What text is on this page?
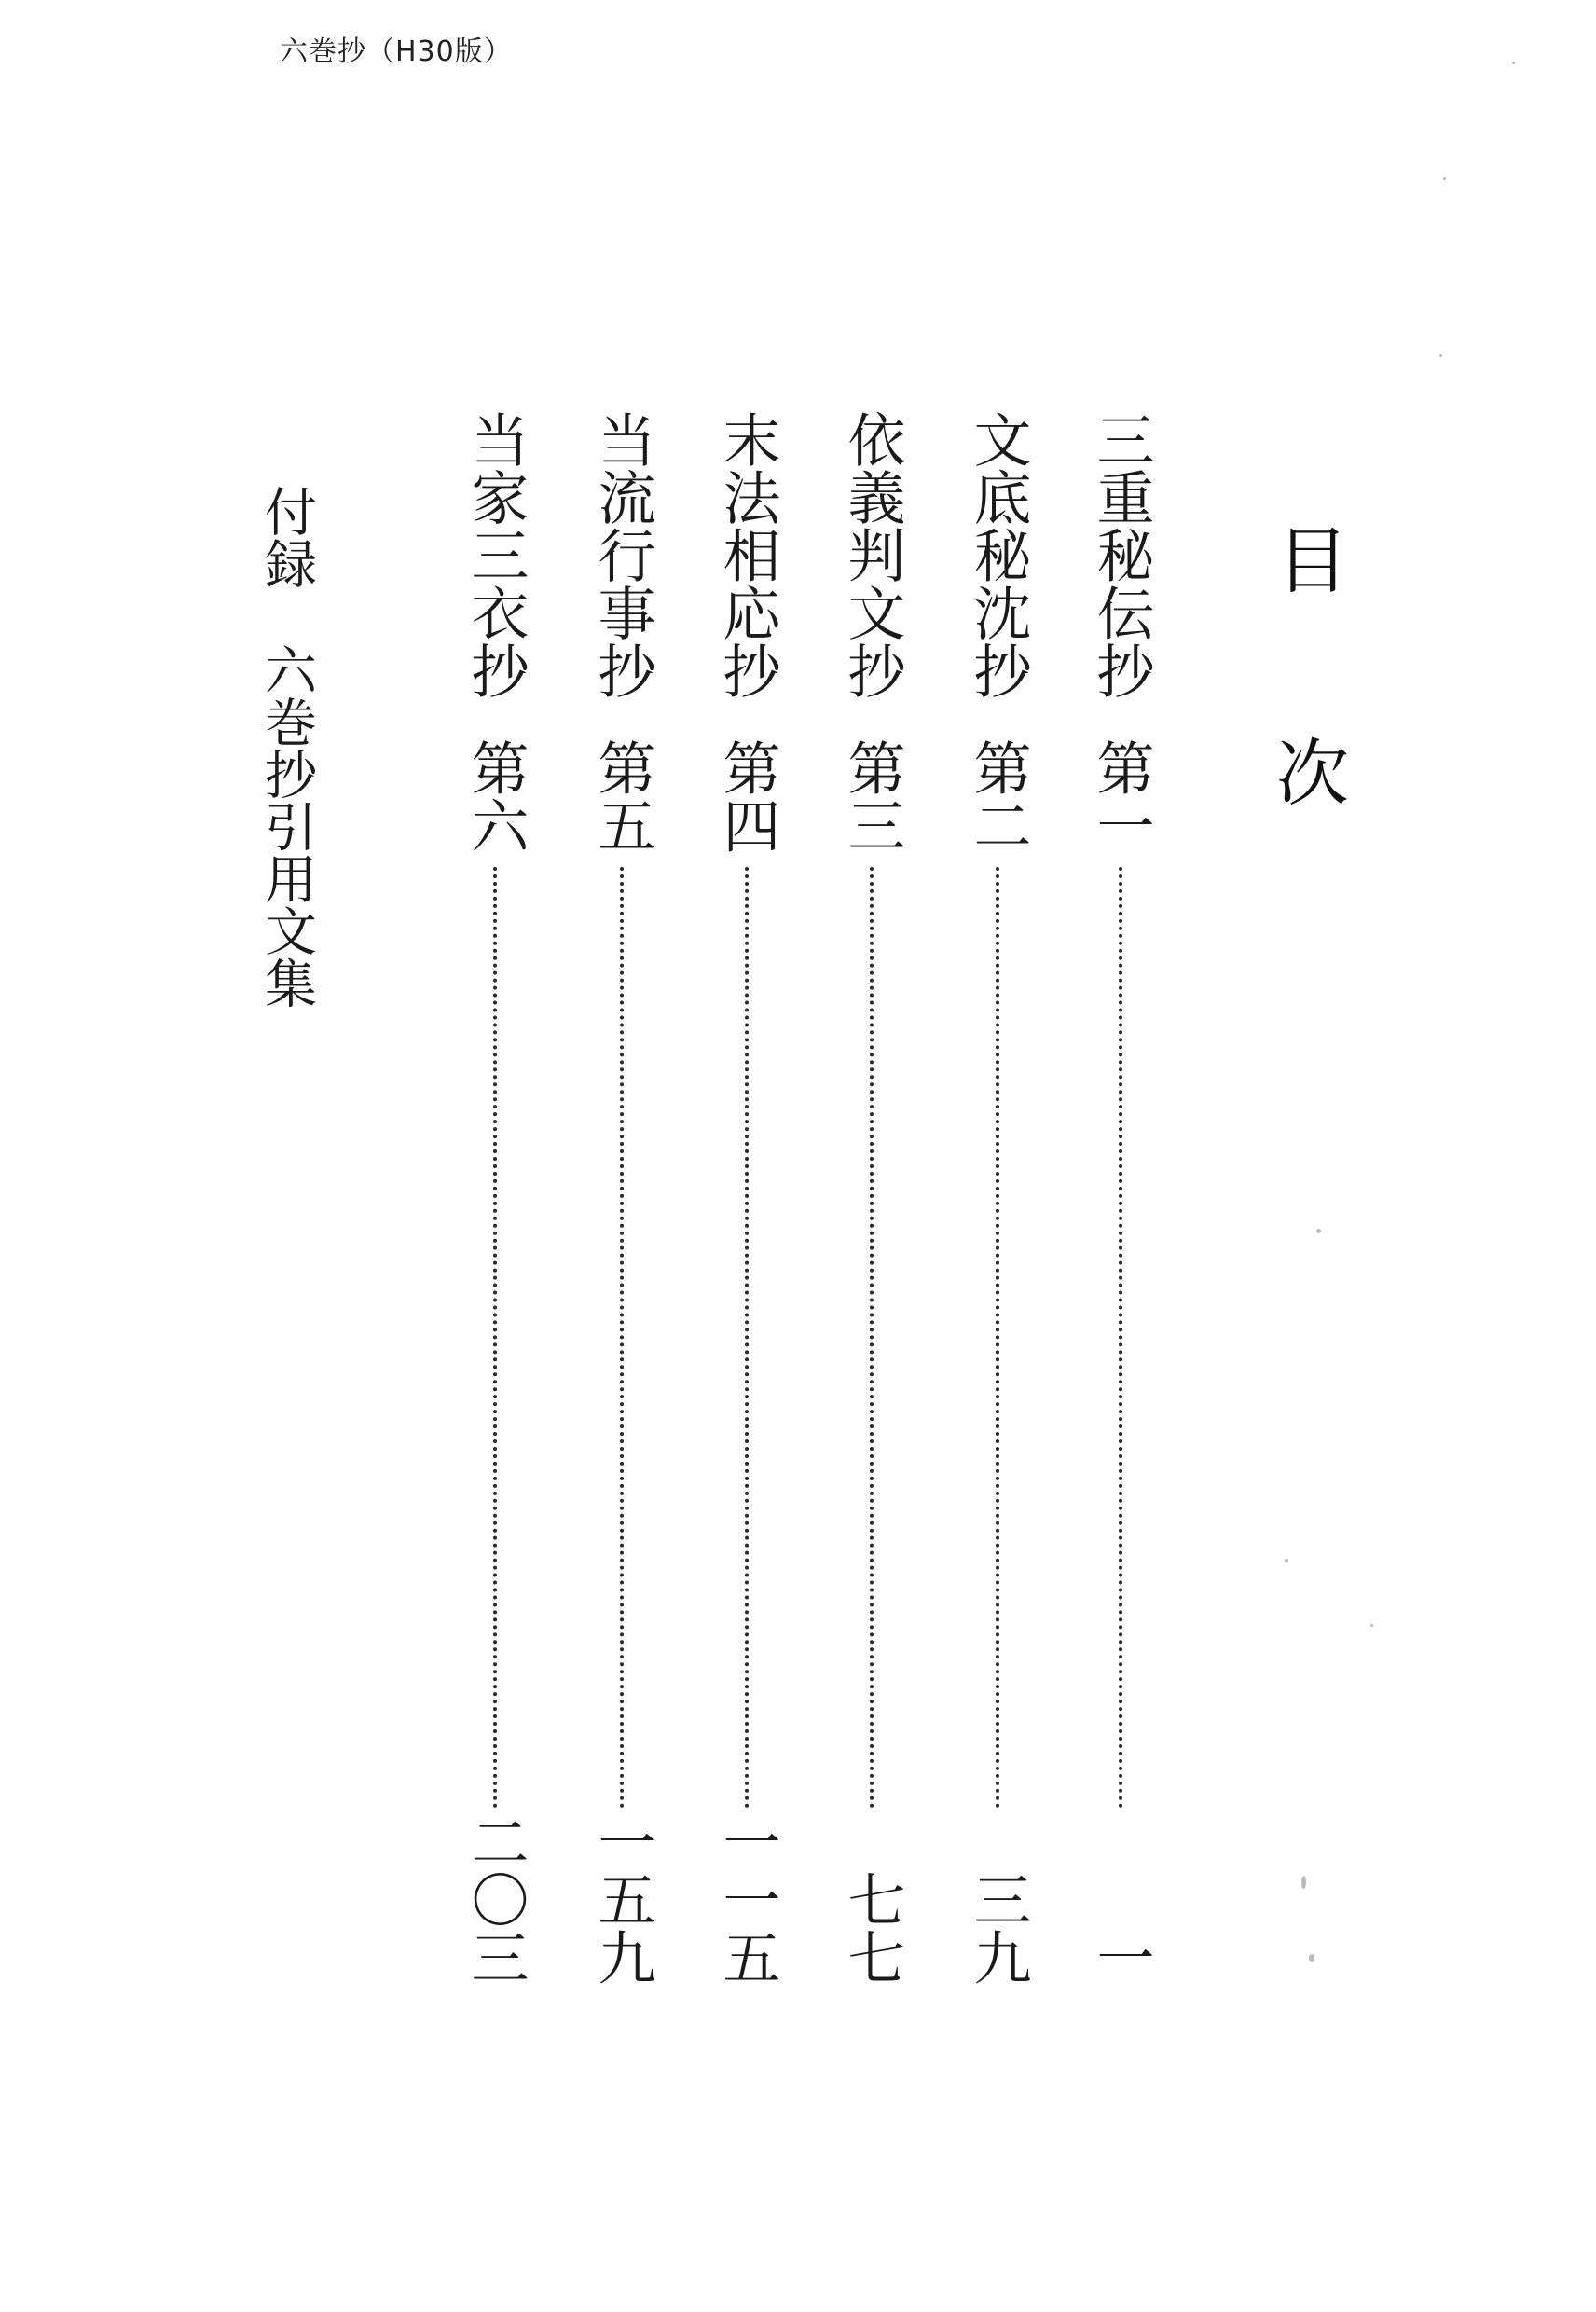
六巻抄（H30版）
目次
三重秘伝抄
第一
一
文底秘沈抄
第二
三九
依義判文抄
第三
七七
末法相応抄
第四
一一五
当流行事抄
第五
一五九
当家三衣抄
第六
二〇三
付録六巻抄引用文集
